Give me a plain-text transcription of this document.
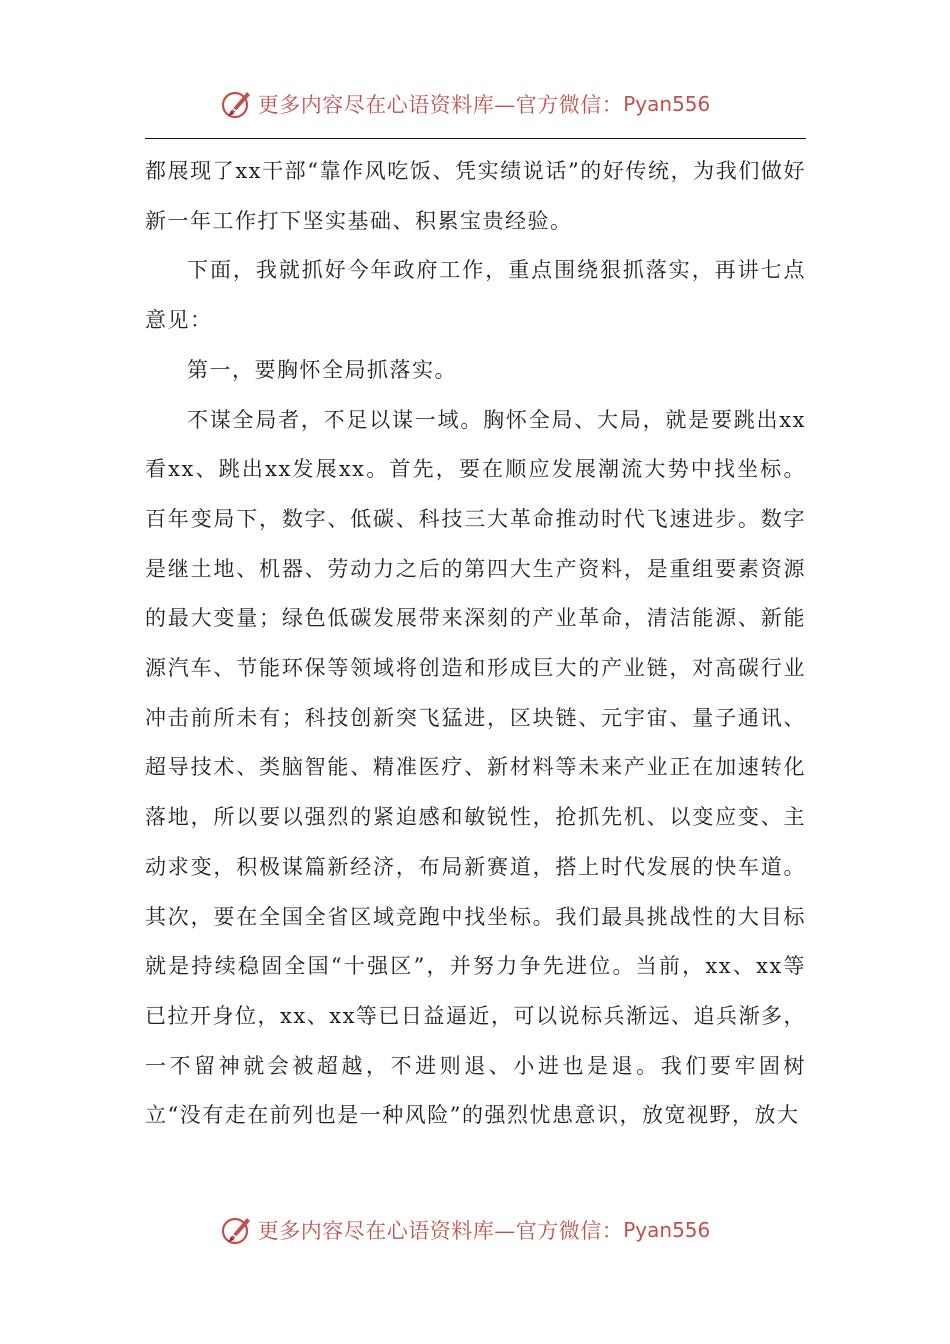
更多内容尽在心语资料库—官方微信： Pyan556

都展现了xx干部“靠作风吃饭、凭实绩说话”的好传统，为我们做好新一年工作打下坚实基础、积累宝贵经验。

下面，我就抓好今年政府工作，重点围绕狠抓落实，再讲七点意见：

第一，要胸怀全局抓落实。

不谋全局者，不足以谋一域。胸怀全局、大局，就是要跳出xx看xx、跳出xx发展xx。首先，要在顺应发展潮流大势中找坐标。百年变局下，数字、低碳、科技三大革命推动时代飞速进步。数字是继土地、机器、劳动力之后的第四大生产资料，是重组要素资源的最大变量；绿色低碳发展带来深刻的产业革命，清洁能源、新能源汽车、节能环保等领域将创造和形成巨大的产业链，对高碳行业冲击前所未有；科技创新突飞猛进，区块链、元宇宙、量子通讯、超导技术、类脑智能、精准医疗、新材料等未来产业正在加速转化落地，所以要以强烈的紧迫感和敏锐性，抢抓先机、以变应变、主动求变，积极谋篇新经济，布局新赛道，搭上时代发展的快车道。其次，要在全国全省区域竞跑中找坐标。我们最具挑战性的大目标就是持续稳固全国“十强区”，并努力争先进位。当前，xx、xx等已拉开身位，xx、xx等已日益逼近，可以说标兵渐远、追兵渐多，一不留神就会被超越，不进则退、小进也是退。我们要牢固树立“没有走在前列也是一种风险”的强烈忧患意识，放宽视野，放大

更多内容尽在心语资料库—官方微信： Pyan556
